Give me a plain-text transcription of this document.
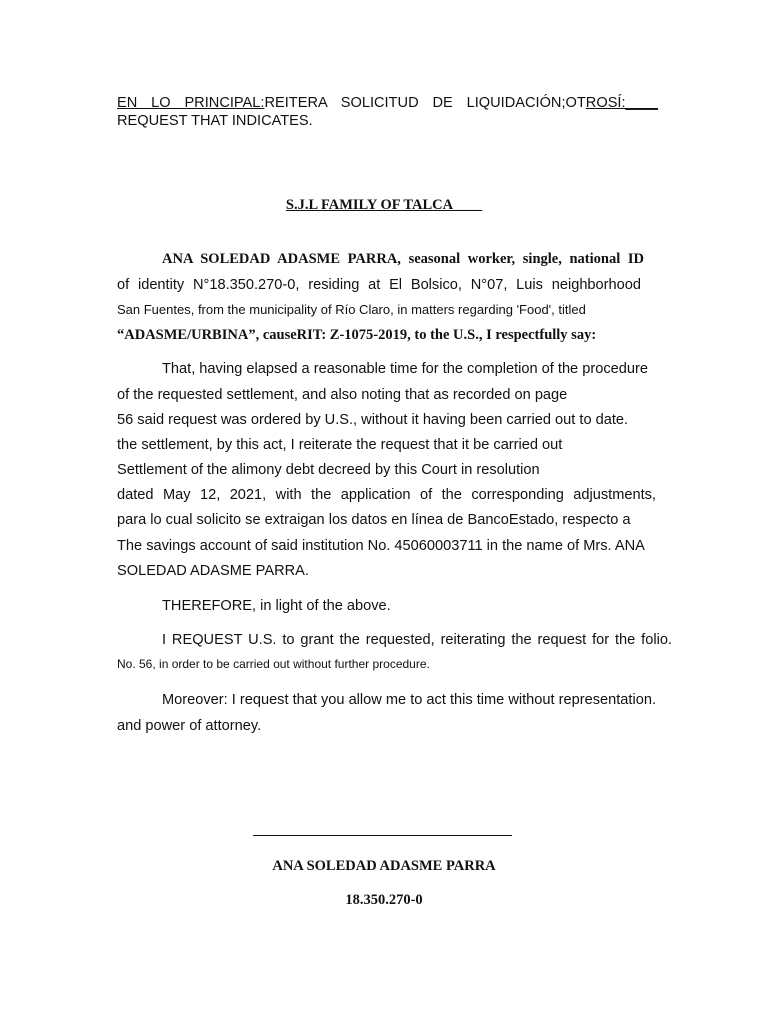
EN LO PRINCIPAL:REITERA SOLICITUD DE LIQUIDACIÓN;OTROSÍ:____
REQUEST THAT INDICATES.
S.J.L FAMILY OF TALCA____
ANA SOLEDAD ADASME PARRA, seasonal worker, single, national ID
of identity N°18.350.270-0, residing at El Bolsico, N°07, Luis neighborhood
San Fuentes, from the municipality of Río Claro, in matters regarding 'Food', titled
“ADASME/URBINA”, causeRIT: Z-1075-2019, to the U.S., I respectfully say:
That, having elapsed a reasonable time for the completion of the procedure
of the requested settlement, and also noting that as recorded on page
56 said request was ordered by U.S., without it having been carried out to date.
the settlement, by this act, I reiterate the request that it be carried out
Settlement of the alimony debt decreed by this Court in resolution
dated May 12, 2021, with the application of the corresponding adjustments,
para lo cual solicito se extraigan los datos en línea de BancoEstado, respecto a
The savings account of said institution No. 45060003711 in the name of Mrs. ANA
SOLEDAD ADASME PARRA.
THEREFORE, in light of the above.
I REQUEST U.S. to grant the requested, reiterating the request for the folio.
No. 56, in order to be carried out without further procedure.
Moreover: I request that you allow me to act this time without representation.
and power of attorney.
ANA SOLEDAD ADASME PARRA
18.350.270-0
